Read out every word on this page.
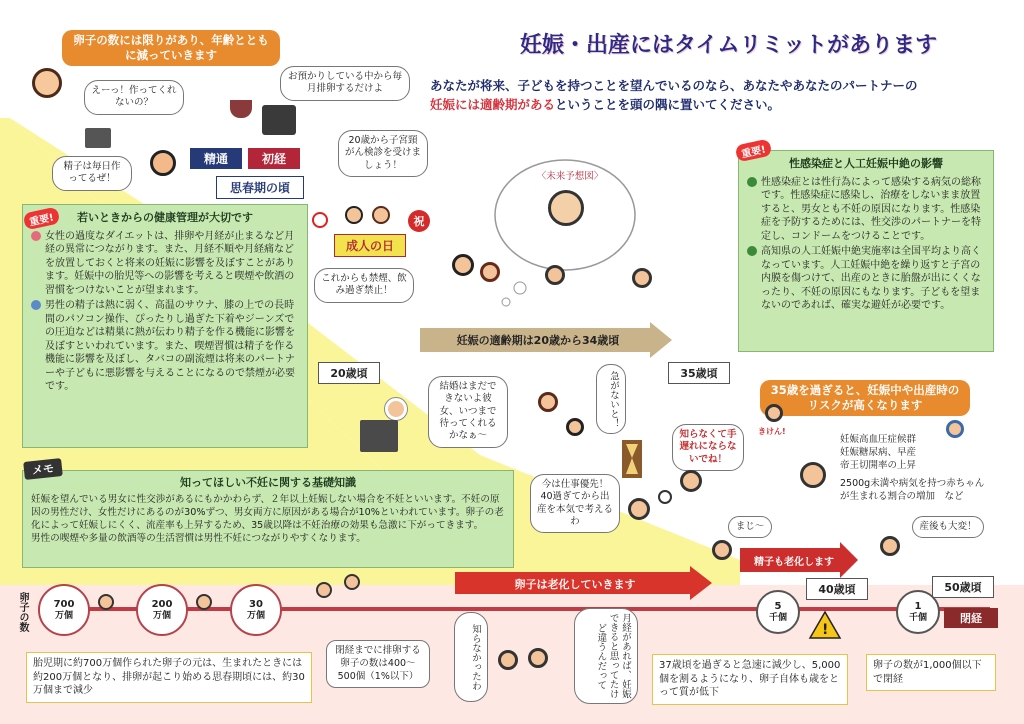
!
妊娠・出産にはタイムリミットがあります
あなたが将来、子どもを持つことを望んでいるのなら、あなたやあなたのパートナーの
妊娠には適齢期があるということを頭の隅に置いてください。
卵子の数には限りがあり、年齢とともに減っていきます
えーっ！作ってくれないの？
お預かりしている中から毎月排卵するだけよ
精子は毎日作ってるぜ！
精通	初経
思春期の頃
20歳から子宮頸がん検診を受けましょう！
祝
成人の日
これからも禁煙、飲み過ぎ禁止！
〈未来予想図〉
若いときからの健康管理が大切です
女性の過度なダイエットは、排卵や月経が止まるなど月経の異常につながります。また、月経不順や月経痛などを放置しておくと将来の妊娠に影響を及ぼすことがあります。妊娠中の胎児等への影響を考えると喫煙や飲酒の習慣をつけないことが望まれます。
男性の精子は熱に弱く、高温のサウナ、膝の上での長時間のパソコン操作、ぴったりし過ぎた下着やジーンズでの圧迫などは精巣に熱が伝わり精子を作る機能に影響を及ぼすといわれています。また、喫煙習慣は精子を作る機能に影響を及ぼし、タバコの副流煙は将来のパートナーや子どもに悪影響を与えることになるので禁煙が必要です。
重要!
性感染症と人工妊娠中絶の影響
性感染症とは性行為によって感染する病気の総称です。性感染症に感染し、治療をしないまま放置すると、男女とも不妊の原因になります。性感染症を予防するためには、性交渉のパートナーを特定し、コンドームをつけることです。
高知県の人工妊娠中絶実施率は全国平均より高くなっています。人工妊娠中絶を繰り返すと子宮の内膜を傷つけて、出産のときに胎盤が出にくくなったり、不妊の原因にもなります。子どもを望まないのであれば、確実な避妊が必要です。
重要!
妊娠の適齢期は20歳から34歳頃
20歳頃	35歳頃
結婚はまだできないよ彼女、いつまで待ってくれるかなぁ～
急がないと！
知らなくて手遅れにならないでね！
知ってほしい不妊に関する基礎知識
妊娠を望んでいる男女に性交渉があるにもかかわらず、２年以上妊娠しない場合を不妊といいます。不妊の原因の男性だけ、女性だけにあるのが30%ずつ、男女両方に原因がある場合が10%といわれています。卵子の老化によって妊娠しにくく、流産率も上昇するため、35歳以降は不妊治療の効果も急激に下がってきます。
男性の喫煙や多量の飲酒等の生活習慣は男性不妊につながりやすくなります。
メモ
今は仕事優先！40過ぎてから出産を本気で考えるわ	まじ～
35歳を過ぎると、妊娠中や出産時のリスクが高くなります
妊娠高血圧症候群
妊娠糖尿病、早産
帝王切開率の上昇
2500g未満や病気を持つ赤ちゃんが生まれる割合の増加　など
きけん!
産後も大変！
精子も老化します
40歳頃	50歳頃
閉経
卵子は老化していきます
卵子の数	700
万個
200
万個
30
万個
5
千個
1
千個
知らなかったわ	月経があれば、妊娠できると思ってたけど違うんだって
胎児期に約700万個作られた卵子の元は、生まれたときには約200万個となり、排卵が起こり始める思春期頃には、約30万個まで減少
閉経までに排卵する卵子の数は400～500個（1%以下）
37歳頃を過ぎると急速に減少し、5,000個を割るようになり、卵子自体も歳をとって質が低下
卵子の数が1,000個以下で閉経
